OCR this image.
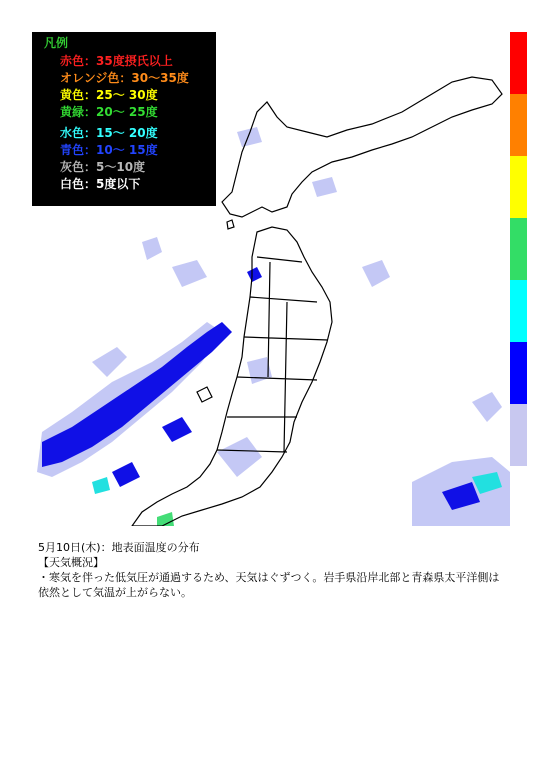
凡例
赤色：35度摂氏以上
オレンジ色：30～35度
黄色：25～ 30度
黄緑：20～ 25度
水色：15～ 20度
青色：10～ 15度
灰色：5～10度
白色：5度以下
5月10日(木)：地表面温度の分布
【天気概況】
・寒気を伴った低気圧が通過するため、天気はぐずつく。岩手県沿岸北部と青森県太平洋側は依然として気温が上がらない。
